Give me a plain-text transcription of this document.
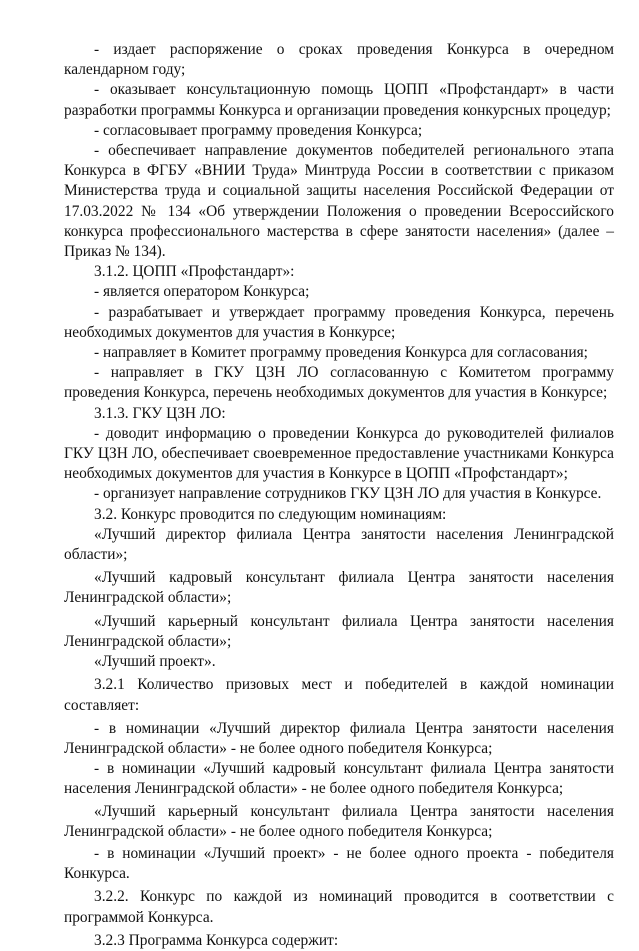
- издает распоряжение о сроках проведения Конкурса в очередном календарном году;

- оказывает консультационную помощь ЦОПП «Профстандарт» в части разработки программы Конкурса и организации проведения конкурсных процедур;

- согласовывает программу проведения Конкурса;

- обеспечивает направление документов победителей регионального этапа Конкурса в ФГБУ «ВНИИ Труда» Минтруда России в соответствии с приказом Министерства труда и социальной защиты населения Российской Федерации от 17.03.2022 № 134 «Об утверждении Положения о проведении Всероссийского конкурса профессионального мастерства в сфере занятости населения» (далее – Приказ № 134).

3.1.2. ЦОПП «Профстандарт»:

- является оператором Конкурса;

- разрабатывает и утверждает программу проведения Конкурса, перечень необходимых документов для участия в Конкурсе;

- направляет в Комитет программу проведения Конкурса для согласования;

- направляет в ГКУ ЦЗН ЛО согласованную с Комитетом программу проведения Конкурса, перечень необходимых документов для участия в Конкурсе;

3.1.3. ГКУ ЦЗН ЛО:

- доводит информацию о проведении Конкурса до руководителей филиалов ГКУ ЦЗН ЛО, обеспечивает своевременное предоставление участниками Конкурса необходимых документов для участия в Конкурсе в ЦОПП «Профстандарт»;

- организует направление сотрудников ГКУ ЦЗН ЛО для участия в Конкурсе.

3.2. Конкурс проводится по следующим номинациям:

«Лучший директор филиала Центра занятости населения Ленинградской области»;

«Лучший кадровый консультант филиала Центра занятости населения Ленинградской области»;

«Лучший карьерный консультант филиала Центра занятости населения Ленинградской области»;

«Лучший проект».

3.2.1 Количество призовых мест и победителей в каждой номинации составляет:

- в номинации «Лучший директор филиала Центра занятости населения Ленинградской области» - не более одного победителя Конкурса;

- в номинации «Лучший кадровый консультант филиала Центра занятости населения Ленинградской области» - не более одного победителя Конкурса;

«Лучший карьерный консультант филиала Центра занятости населения Ленинградской области» - не более одного победителя Конкурса;

- в номинации «Лучший проект» - не более одного проекта - победителя Конкурса.

3.2.2. Конкурс по каждой из номинаций проводится в соответствии с программой Конкурса.

3.2.3 Программа Конкурса содержит:
